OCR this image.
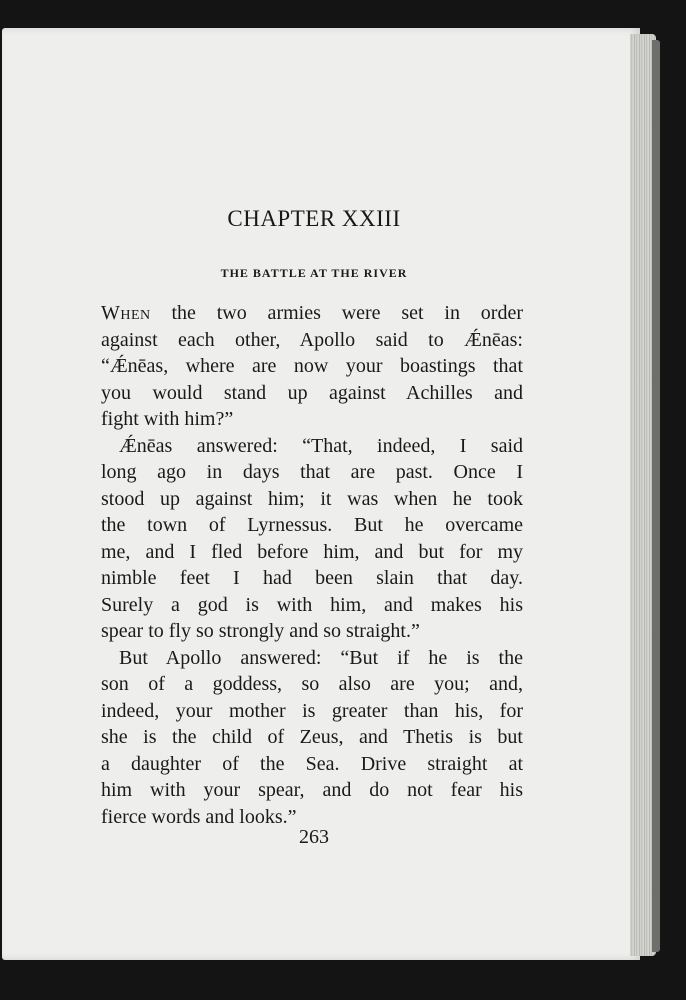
CHAPTER XXIII
THE BATTLE AT THE RIVER
When the two armies were set in order
against each other, Apollo said to Ǽnēas:
“Ǽnēas, where are now your boastings that
you would stand up against Achilles and
fight with him?”
Ǽnēas answered: “That, indeed, I said
long ago in days that are past. Once I
stood up against him; it was when he took
the town of Lyrnessus. But he overcame
me, and I fled before him, and but for my
nimble feet I had been slain that day.
Surely a god is with him, and makes his
spear to fly so strongly and so straight.”
But Apollo answered: “But if he is the
son of a goddess, so also are you; and,
indeed, your mother is greater than his, for
she is the child of Zeus, and Thetis is but
a daughter of the Sea. Drive straight at
him with your spear, and do not fear his
fierce words and looks.”
263
